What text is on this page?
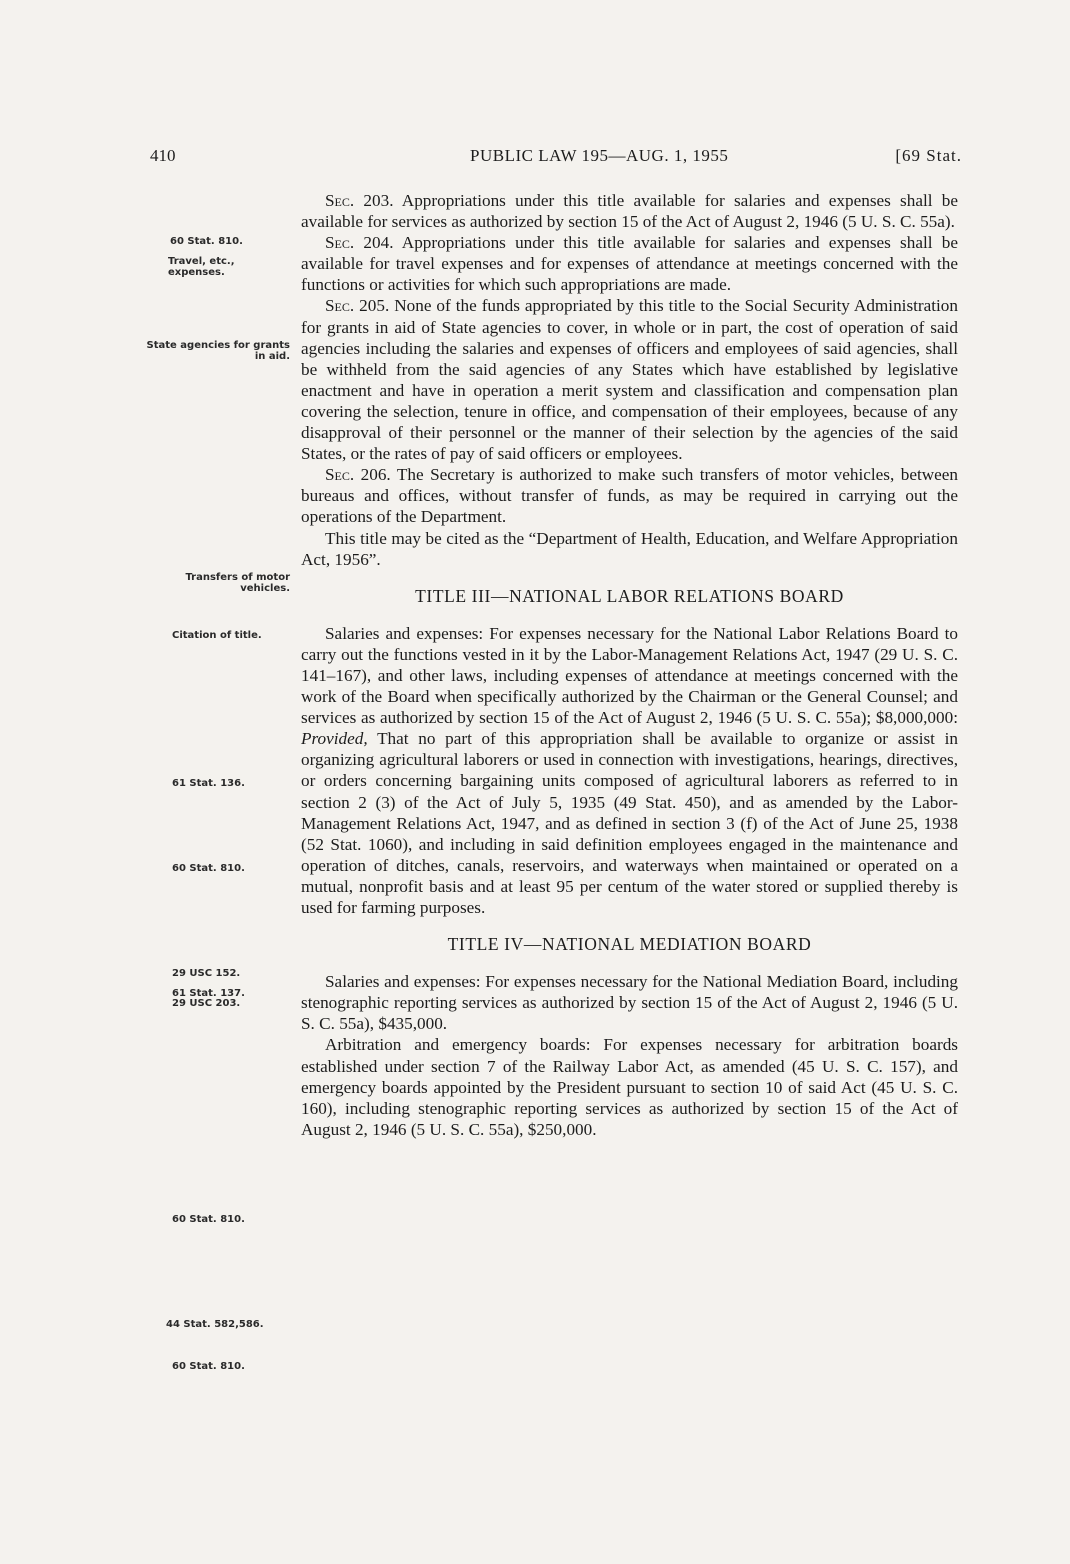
410	PUBLIC LAW 195—AUG. 1, 1955	[69 Stat.
60 Stat. 810.
Travel, etc., expenses.
State agencies for grants in aid.
Transfers of motor vehicles.
Citation of title.
61 Stat. 136.
60 Stat. 810.
29 USC 152.
61 Stat. 137.
29 USC 203.
60 Stat. 810.
44 Stat. 582,586.
60 Stat. 810.

Sec. 203. Appropriations under this title available for salaries and expenses shall be available for services as authorized by section 15 of the Act of August 2, 1946 (5 U. S. C. 55a).

Sec. 204. Appropriations under this title available for salaries and expenses shall be available for travel expenses and for expenses of attendance at meetings concerned with the functions or activities for which such appropriations are made.

Sec. 205. None of the funds appropriated by this title to the Social Security Administration for grants in aid of State agencies to cover, in whole or in part, the cost of operation of said agencies including the salaries and expenses of officers and employees of said agencies, shall be withheld from the said agencies of any States which have established by legislative enactment and have in operation a merit system and classification and compensation plan covering the selection, tenure in office, and compensation of their employees, because of any disapproval of their personnel or the manner of their selection by the agencies of the said States, or the rates of pay of said officers or employees.

Sec. 206. The Secretary is authorized to make such transfers of motor vehicles, between bureaus and offices, without transfer of funds, as may be required in carrying out the operations of the Department.

This title may be cited as the “Department of Health, Education, and Welfare Appropriation Act, 1956”.

TITLE III—NATIONAL LABOR RELATIONS BOARD

Salaries and expenses: For expenses necessary for the National Labor Relations Board to carry out the functions vested in it by the Labor-Management Relations Act, 1947 (29 U. S. C. 141–167), and other laws, including expenses of attendance at meetings concerned with the work of the Board when specifically authorized by the Chairman or the General Counsel; and services as authorized by section 15 of the Act of August 2, 1946 (5 U. S. C. 55a); $8,000,000: Provided, That no part of this appropriation shall be available to organize or assist in organizing agricultural laborers or used in connection with investigations, hearings, directives, or orders concerning bargaining units composed of agricultural laborers as referred to in section 2 (3) of the Act of July 5, 1935 (49 Stat. 450), and as amended by the Labor-Management Relations Act, 1947, and as defined in section 3 (f) of the Act of June 25, 1938 (52 Stat. 1060), and including in said definition employees engaged in the maintenance and operation of ditches, canals, reservoirs, and waterways when maintained or operated on a mutual, nonprofit basis and at least 95 per centum of the water stored or supplied thereby is used for farming purposes.

TITLE IV—NATIONAL MEDIATION BOARD

Salaries and expenses: For expenses necessary for the National Mediation Board, including stenographic reporting services as authorized by section 15 of the Act of August 2, 1946 (5 U. S. C. 55a), $435,000.

Arbitration and emergency boards: For expenses necessary for arbitration boards established under section 7 of the Railway Labor Act, as amended (45 U. S. C. 157), and emergency boards appointed by the President pursuant to section 10 of said Act (45 U. S. C. 160), including stenographic reporting services as authorized by section 15 of the Act of August 2, 1946 (5 U. S. C. 55a), $250,000.
